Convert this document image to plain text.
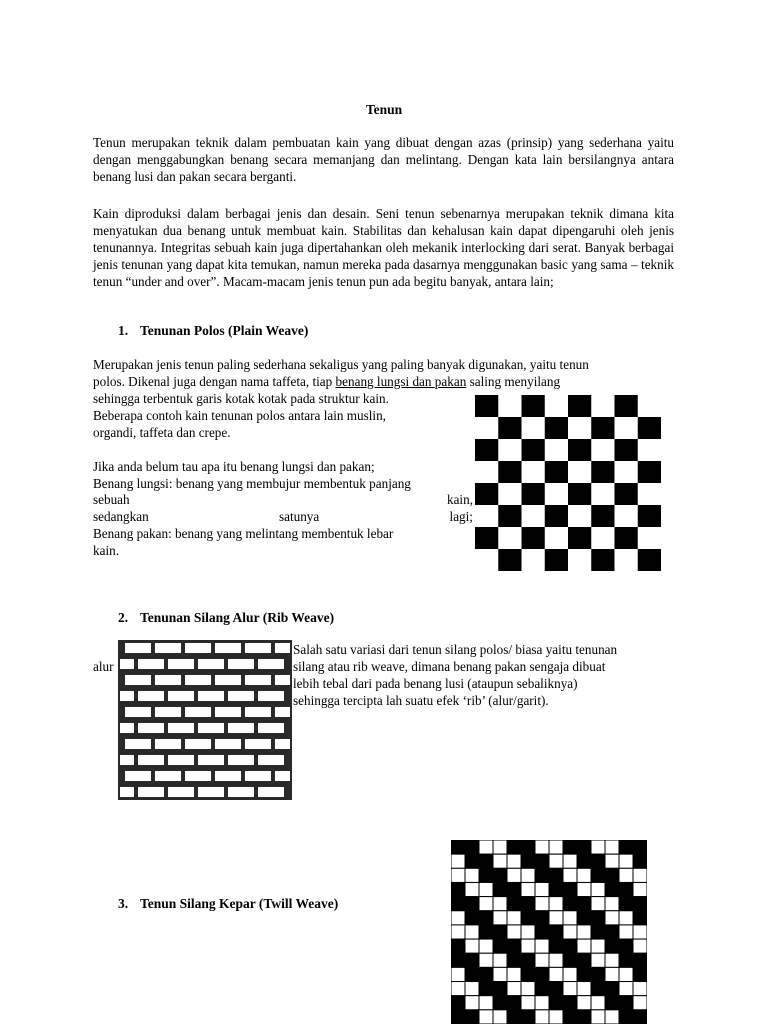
Tenun
Tenun merupakan teknik dalam pembuatan kain yang dibuat dengan azas (prinsip) yang sederhana yaitu dengan menggabungkan benang secara memanjang dan melintang. Dengan kata lain bersilangnya antara benang lusi dan pakan secara berganti.
Kain diproduksi dalam berbagai jenis dan desain. Seni tenun sebenarnya merupakan teknik dimana kita menyatukan dua benang untuk membuat kain. Stabilitas dan kehalusan kain dapat dipengaruhi oleh jenis tenunannya. Integritas sebuah kain juga dipertahankan oleh mekanik interlocking dari serat. Banyak berbagai jenis tenunan yang dapat kita temukan, namun mereka pada dasarnya menggunakan basic yang sama – teknik tenun “under and over”. Macam-macam jenis tenun pun ada begitu banyak, antara lain;
1. Tenunan Polos (Plain Weave)
Merupakan jenis tenun paling sederhana sekaligus yang paling banyak digunakan, yaitu tenun
polos. Dikenal juga dengan nama taffeta, tiap benang lungsi dan pakan saling menyilang
sehingga terbentuk garis kotak kotak pada struktur kain.
Beberapa contoh kain tenunan polos antara lain muslin,
organdi, taffeta dan crepe.
Jika anda belum tau apa itu benang lungsi dan pakan;
Benang lungsi: benang yang membujur membentuk panjang
sebuah	kain,
sedangkan	satunya	lagi;
Benang pakan: benang yang melintang membentuk lebar
kain.
2. Tenunan Silang Alur (Rib Weave)
alur
Salah satu variasi dari tenun silang polos/ biasa yaitu tenunan
silang atau rib weave, dimana benang pakan sengaja dibuat
lebih tebal dari pada benang lusi (ataupun sebaliknya)
sehingga tercipta lah suatu efek ‘rib’ (alur/garit).
3. Tenun Silang Kepar (Twill Weave)
